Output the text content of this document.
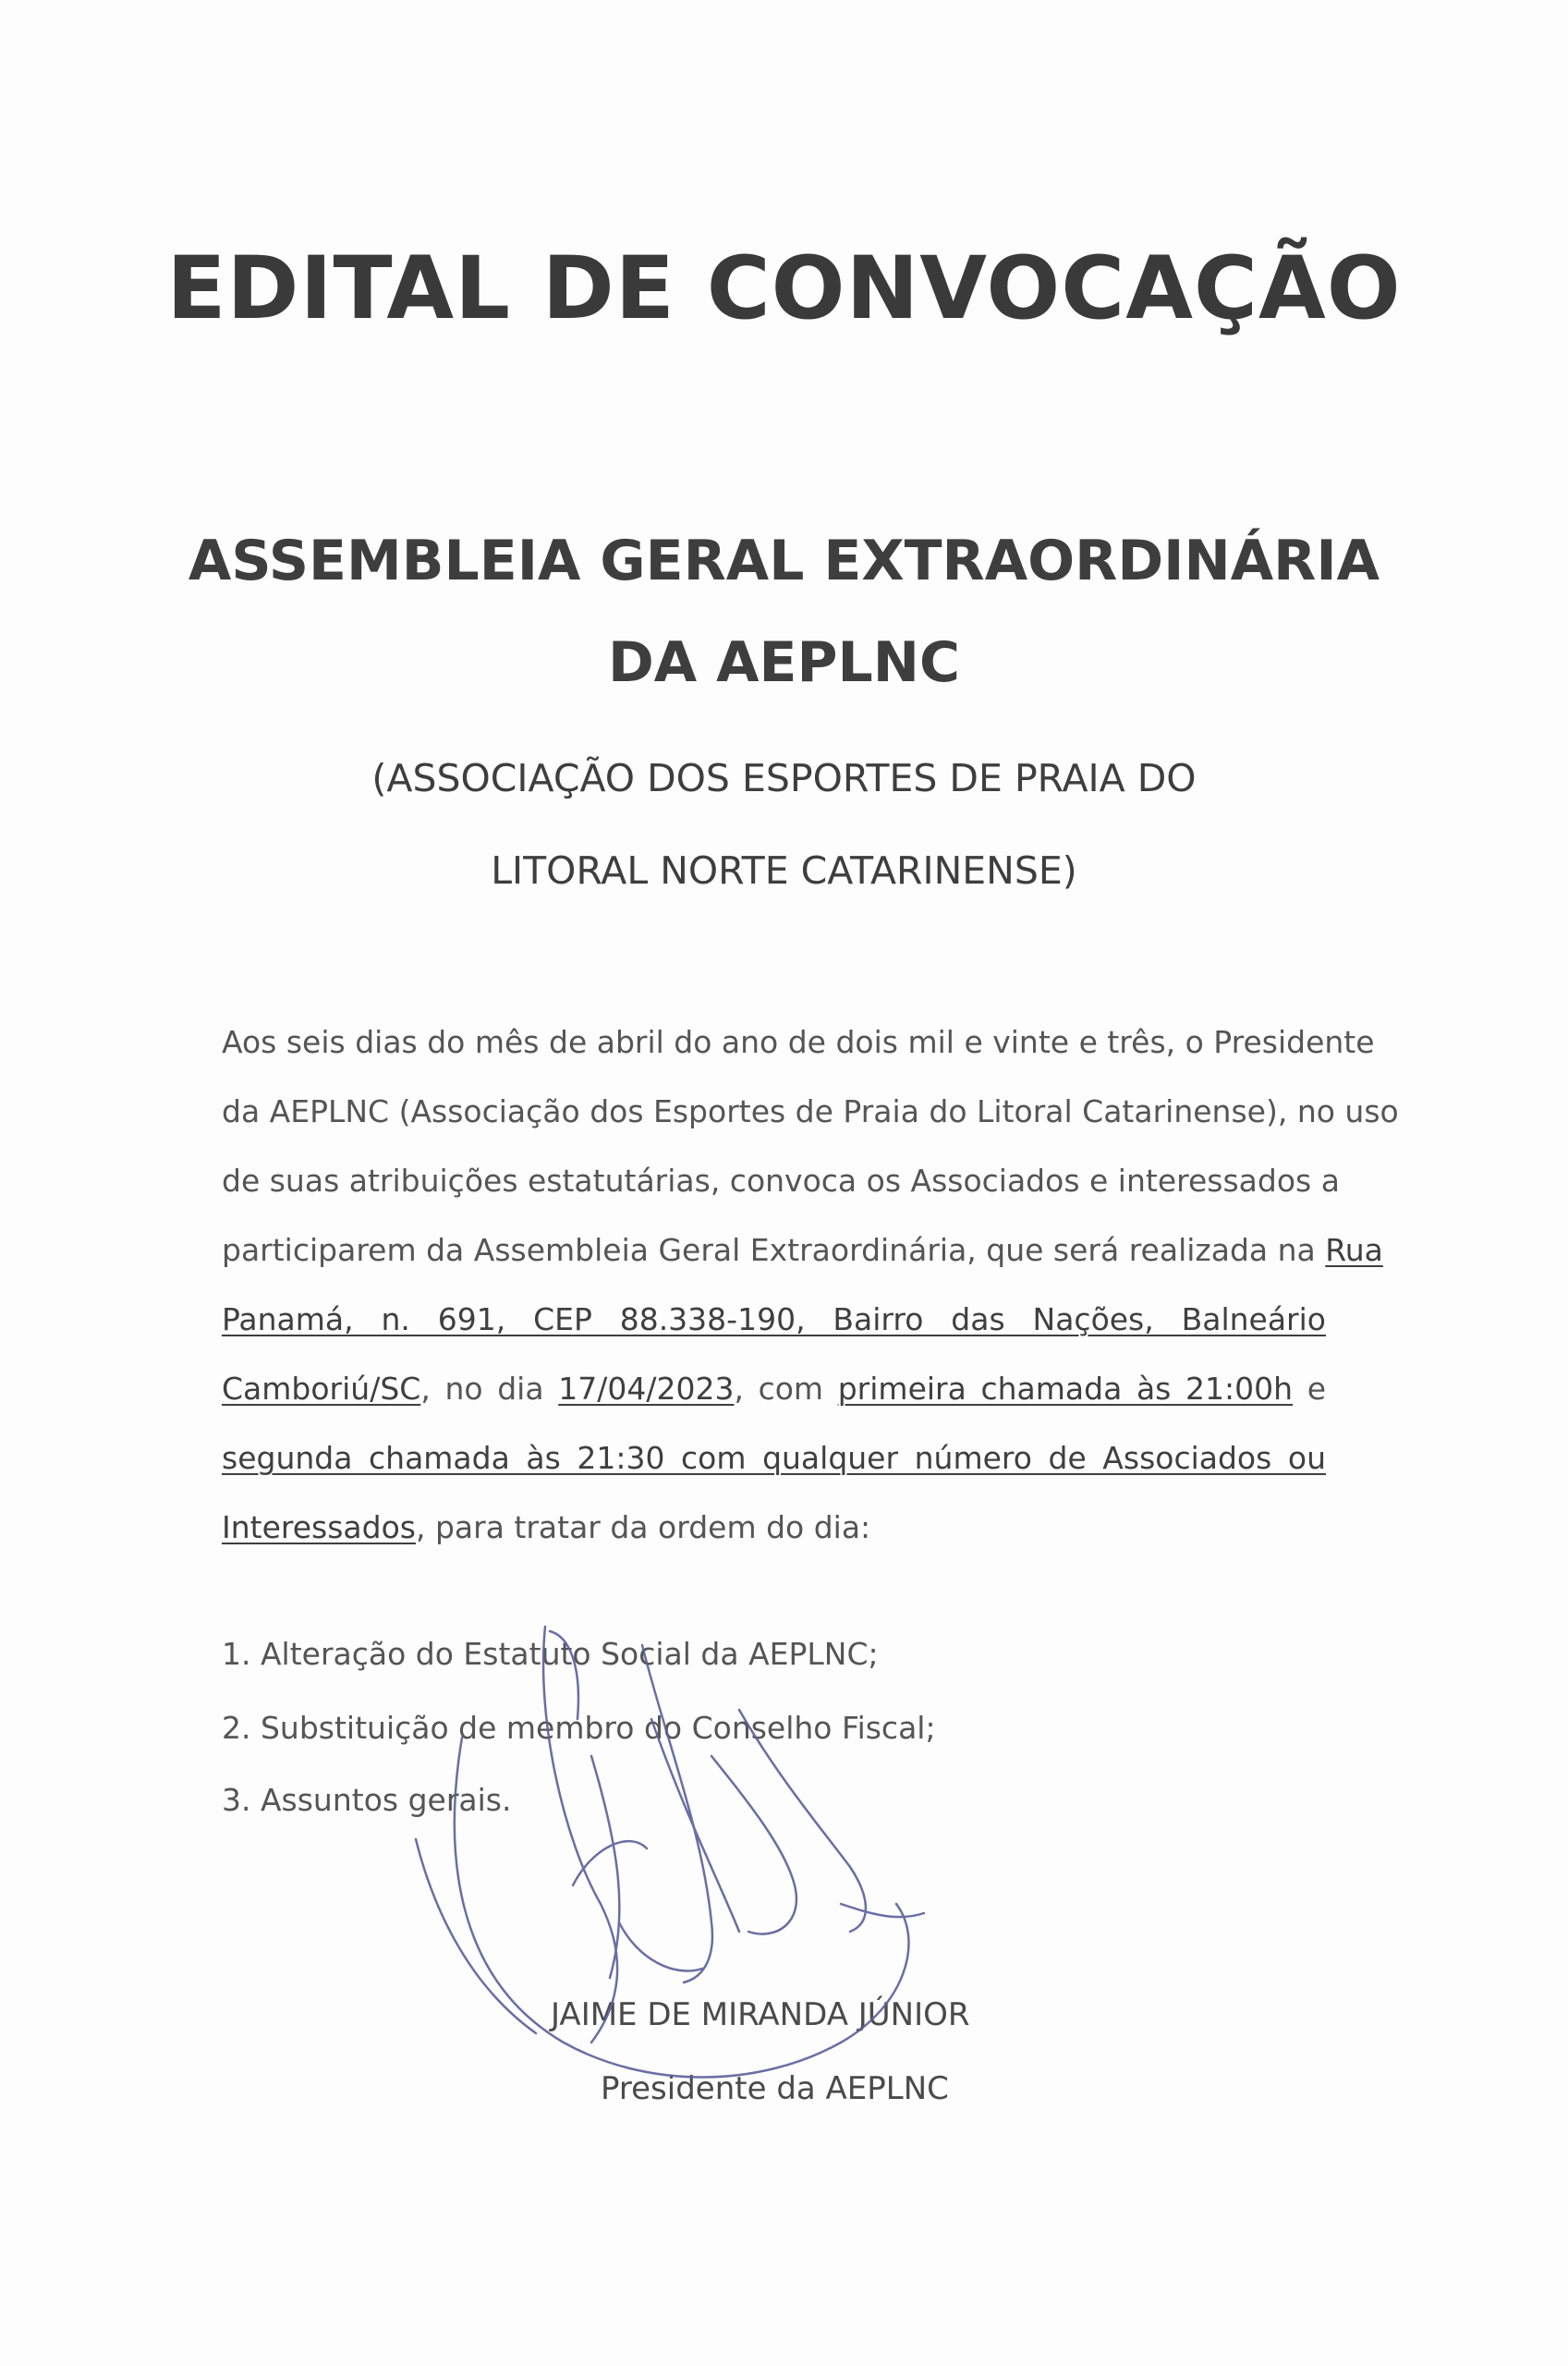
EDITAL DE CONVOCAÇÃO
ASSEMBLEIA GERAL EXTRAORDINÁRIA
DA AEPLNC
(ASSOCIAÇÃO DOS ESPORTES DE PRAIA DO
LITORAL NORTE CATARINENSE)
Aos seis dias do mês de abril do ano de dois mil e vinte e três, o Presidente
da AEPLNC (Associação dos Esportes de Praia do Litoral Catarinense), no uso
de suas atribuições estatutárias, convoca os Associados e interessados a
participarem da Assembleia Geral Extraordinária, que será realizada na Rua
Panamá, n. 691, CEP 88.338-190, Bairro das Nações, Balneário
Camboriú/SC, no dia 17/04/2023, com primeira chamada às 21:00h e
segunda chamada às 21:30 com qualquer número de Associados ou
Interessados, para tratar da ordem do dia:
1. Alteração do Estatuto Social da AEPLNC;
2. Substituição de membro do Conselho Fiscal;
3. Assuntos gerais.
JAIME DE MIRANDA JÚNIOR
Presidente da AEPLNC
